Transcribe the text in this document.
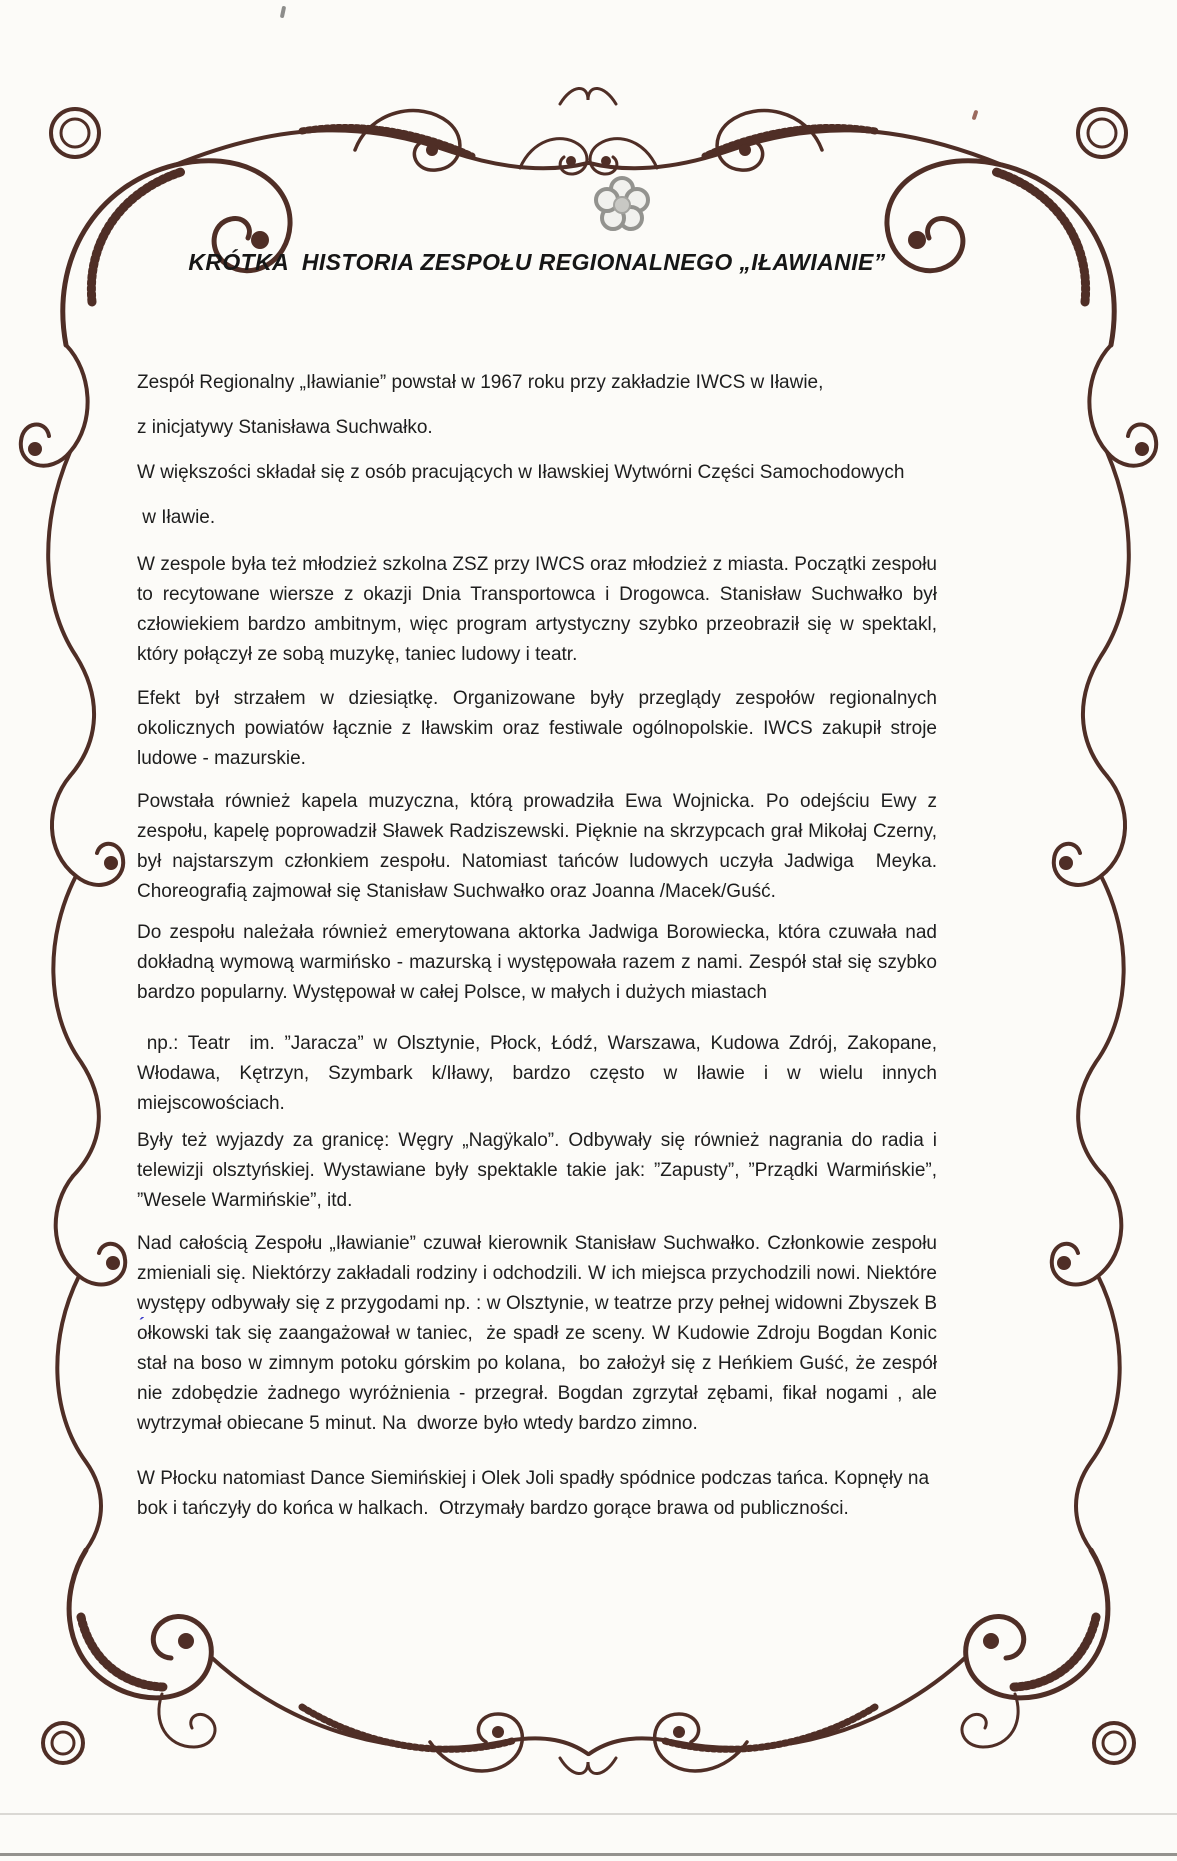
KRÓTKA  HISTORIA ZESPOŁU REGIONALNEGO „IŁAWIANIE”

Zespół Regionalny „Iławianie” powstał w 1967 roku przy zakładzie IWCS w Iławie,

z inicjatywy Stanisława Suchwałko.

W większości składał się z osób pracujących w Iławskiej Wytwórni Części Samochodowych

w Iławie.

W zespole była też młodzież szkolna ZSZ przy IWCS oraz młodzież z miasta. Początki zespołu to recytowane wiersze z okazji Dnia Transportowca i Drogowca. Stanisław Suchwałko był człowiekiem bardzo ambitnym, więc program artystyczny szybko przeobraził się w spektakl, który połączył ze sobą muzykę, taniec ludowy i teatr.

Efekt był strzałem w dziesiątkę. Organizowane były przeglądy zespołów regionalnych okolicznych powiatów łącznie z Iławskim oraz festiwale ogólnopolskie. IWCS zakupił stroje ludowe - mazurskie.

Powstała również kapela muzyczna, którą prowadziła Ewa Wojnicka. Po odejściu Ewy z zespołu, kapelę poprowadził Sławek Radziszewski. Pięknie na skrzypcach grał Mikołaj Czerny, był najstarszym członkiem zespołu. Natomiast tańców ludowych uczyła Jadwiga  Meyka. Choreografią zajmował się Stanisław Suchwałko oraz Joanna /Macek/Guść.

Do zespołu należała również emerytowana aktorka Jadwiga Borowiecka, która czuwała nad dokładną wymową warmińsko - mazurską i występowała razem z nami. Zespół stał się szybko bardzo popularny. Występował w całej Polsce, w małych i dużych miastach

np.: Teatr  im. ”Jaracza” w Olsztynie, Płock, Łódź, Warszawa, Kudowa Zdrój, Zakopane, Włodawa, Kętrzyn, Szymbark k/Iławy, bardzo często w Iławie i w wielu innych miejscowościach.

Były też wyjazdy za granicę: Węgry „Nagÿkalo”. Odbywały się również nagrania do radia i telewizji olsztyńskiej. Wystawiane były spektakle takie jak: ”Zapusty”, ”Prządki Warmińskie”, ”Wesele Warmińskie”, itd.

Nad całością Zespołu „Iławianie” czuwał kierownik Stanisław Suchwałko. Członkowie zespołu zmieniali się. Niektórzy zakładali rodziny i odchodzili. W ich miejsca przychodzili nowi. Niektóre występy odbywały się z przygodami np. : w Olsztynie, w teatrze przy pełnej widowni Zbyszek Bo ´łkowski tak się zaangażował w taniec,  że spadł ze sceny. W Kudowie Zdroju Bogdan Konic stał na boso w zimnym potoku górskim po kolana,  bo założył się z Heńkiem Guść, że zespół nie zdobędzie żadnego wyróżnienia - przegrał. Bogdan zgrzytał zębami, fikał nogami , ale wytrzymał obiecane 5 minut. Na  dworze było wtedy bardzo zimno.

W Płocku natomiast Dance Siemińskiej i Olek Joli spadły spódnice podczas tańca. Kopnęły na bok i tańczyły do końca w halkach.  Otrzymały bardzo gorące brawa od publiczności.
